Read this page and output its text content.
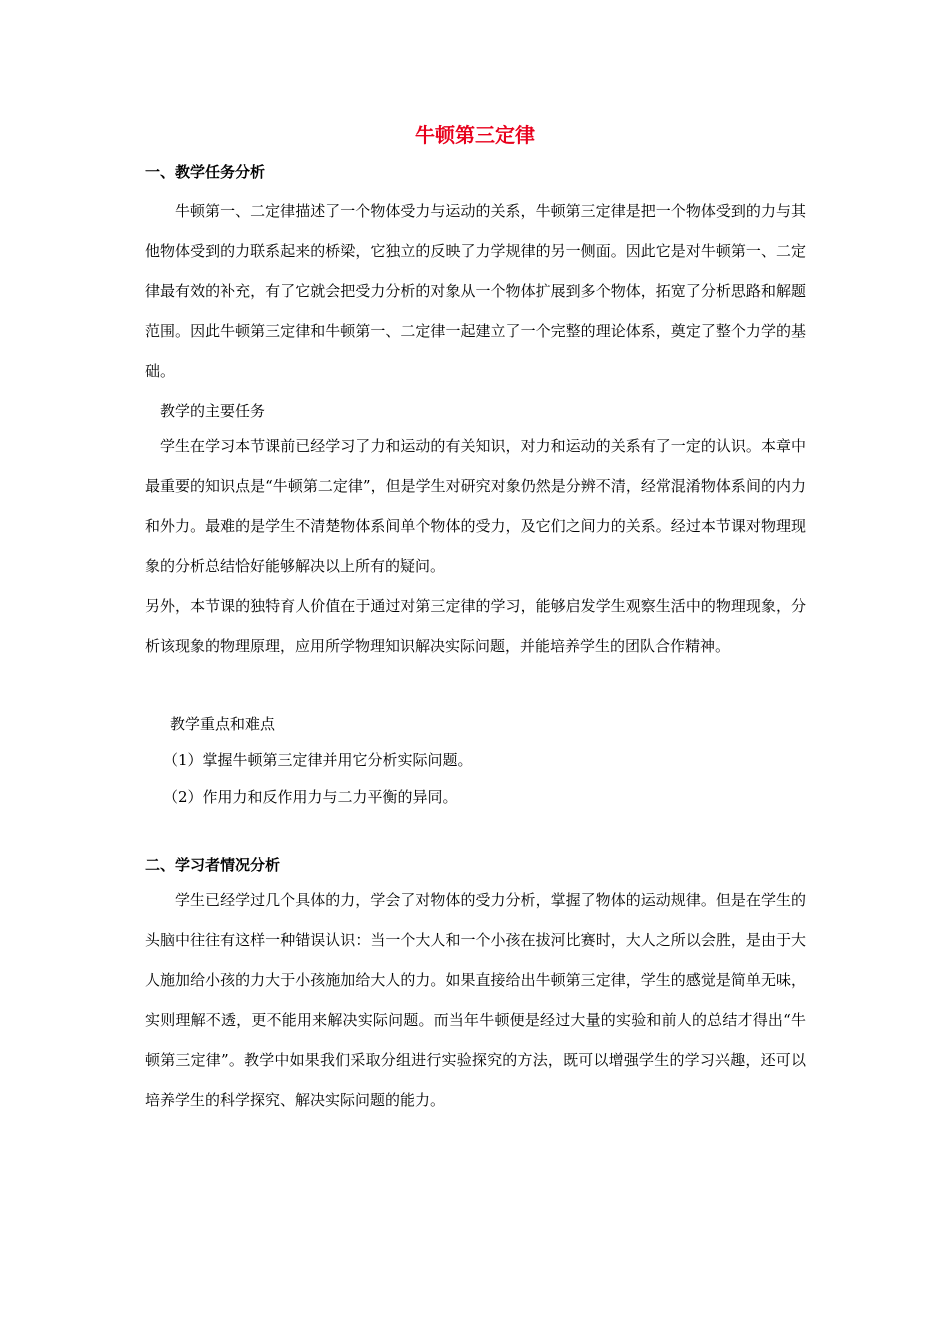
牛顿第三定律
一、教学任务分析

牛顿第一、二定律描述了一个物体受力与运动的关系，牛顿第三定律是把一个物体受到的力与其他物体受到的力联系起来的桥梁，它独立的反映了力学规律的另一侧面。因此它是对牛顿第一、二定律最有效的补充，有了它就会把受力分析的对象从一个物体扩展到多个物体，拓宽了分析思路和解题范围。因此牛顿第三定律和牛顿第一、二定律一起建立了一个完整的理论体系，奠定了整个力学的基础。

教学的主要任务

学生在学习本节课前已经学习了力和运动的有关知识，对力和运动的关系有了一定的认识。本章中最重要的知识点是“牛顿第二定律”，但是学生对研究对象仍然是分辨不清，经常混淆物体系间的内力和外力。最难的是学生不清楚物体系间单个物体的受力，及它们之间力的关系。经过本节课对物理现象的分析总结恰好能够解决以上所有的疑问。

另外，本节课的独特育人价值在于通过对第三定律的学习，能够启发学生观察生活中的物理现象，分析该现象的物理原理，应用所学物理知识解决实际问题，并能培养学生的团队合作精神。

教学重点和难点
（1）掌握牛顿第三定律并用它分析实际问题。
（2）作用力和反作用力与二力平衡的异同。
二、学习者情况分析

学生已经学过几个具体的力，学会了对物体的受力分析，掌握了物体的运动规律。但是在学生的头脑中往往有这样一种错误认识：当一个大人和一个小孩在拔河比赛时，大人之所以会胜，是由于大人施加给小孩的力大于小孩施加给大人的力。如果直接给出牛顿第三定律，学生的感觉是简单无味，实则理解不透，更不能用来解决实际问题。而当年牛顿便是经过大量的实验和前人的总结才得出“牛顿第三定律”。教学中如果我们采取分组进行实验探究的方法，既可以增强学生的学习兴趣，还可以培养学生的科学探究、解决实际问题的能力。
